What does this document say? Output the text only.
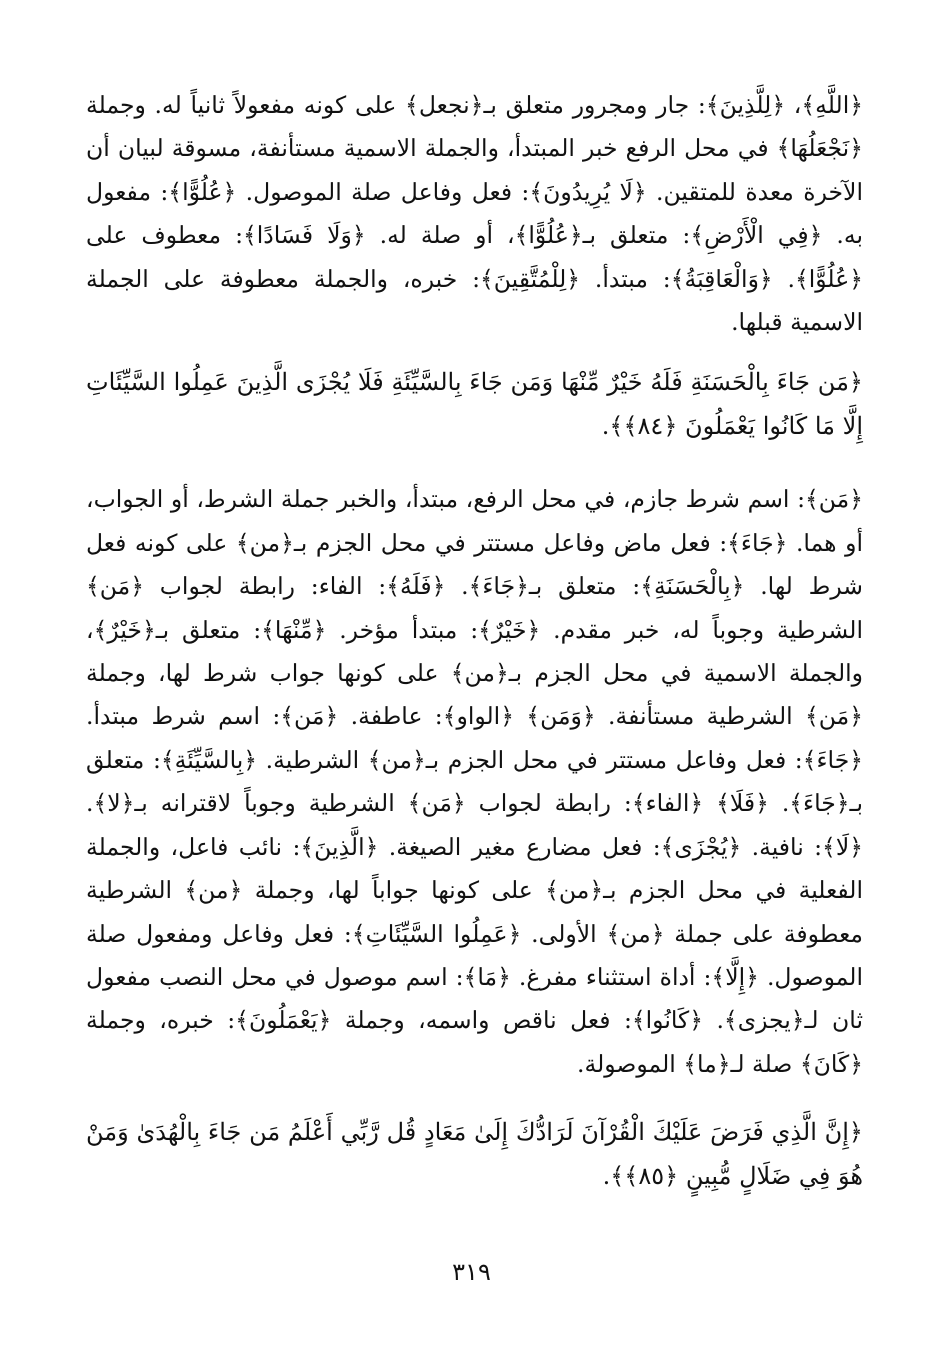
﴿اللَّهِ﴾، ﴿لِلَّذِينَ﴾: جار ومجرور متعلق بـ﴿نجعل﴾ على كونه مفعولاً ثانياً له. وجملة ﴿نَجْعَلُهَا﴾ في محل الرفع خبر المبتدأ، والجملة الاسمية مستأنفة، مسوقة لبيان أن الآخرة معدة للمتقين. ﴿لَا يُرِيدُونَ﴾: فعل وفاعل صلة الموصول. ﴿عُلُوًّا﴾: مفعول به. ﴿فِي الْأَرْضِ﴾: متعلق بـ﴿عُلُوًّا﴾، أو صلة له. ﴿وَلَا فَسَادًا﴾: معطوف على ﴿عُلُوًّا﴾. ﴿وَالْعَاقِبَةُ﴾: مبتدأ. ﴿لِلْمُتَّقِينَ﴾: خبره، والجملة معطوفة على الجملة الاسمية قبلها.

﴿مَن جَاءَ بِالْحَسَنَةِ فَلَهُ خَيْرٌ مِّنْهَا وَمَن جَاءَ بِالسَّيِّئَةِ فَلَا يُجْزَى الَّذِينَ عَمِلُوا السَّيِّئَاتِ إِلَّا مَا كَانُوا يَعْمَلُونَ ﴿٨٤﴾﴾.

﴿مَن﴾: اسم شرط جازم، في محل الرفع، مبتدأ، والخبر جملة الشرط، أو الجواب، أو هما. ﴿جَاءَ﴾: فعل ماض وفاعل مستتر في محل الجزم بـ﴿من﴾ على كونه فعل شرط لها. ﴿بِالْحَسَنَةِ﴾: متعلق بـ﴿جَاءَ﴾. ﴿فَلَهُ﴾: الفاء: رابطة لجواب ﴿مَن﴾ الشرطية وجوباً له، خبر مقدم. ﴿خَيْرٌ﴾: مبتدأ مؤخر. ﴿مِّنْهَا﴾: متعلق بـ﴿خَيْرٌ﴾، والجملة الاسمية في محل الجزم بـ﴿من﴾ على كونها جواب شرط لها، وجملة ﴿مَن﴾ الشرطية مستأنفة. ﴿وَمَن﴾ ﴿الواو﴾: عاطفة. ﴿مَن﴾: اسم شرط مبتدأ. ﴿جَاءَ﴾: فعل وفاعل مستتر في محل الجزم بـ﴿من﴾ الشرطية. ﴿بِالسَّيِّئَةِ﴾: متعلق بـ﴿جَاءَ﴾. ﴿فَلَا﴾ ﴿الفاء﴾: رابطة لجواب ﴿مَن﴾ الشرطية وجوباً لاقترانه بـ﴿لا﴾. ﴿لَا﴾: نافية. ﴿يُجْزَى﴾: فعل مضارع مغير الصيغة. ﴿الَّذِينَ﴾: نائب فاعل، والجملة الفعلية في محل الجزم بـ﴿من﴾ على كونها جواباً لها، وجملة ﴿من﴾ الشرطية معطوفة على جملة ﴿من﴾ الأولى. ﴿عَمِلُوا السَّيِّئَاتِ﴾: فعل وفاعل ومفعول صلة الموصول. ﴿إِلَّا﴾: أداة استثناء مفرغ. ﴿مَا﴾: اسم موصول في محل النصب مفعول ثان لـ﴿يجزى﴾. ﴿كَانُوا﴾: فعل ناقص واسمه، وجملة ﴿يَعْمَلُونَ﴾: خبره، وجملة ﴿كَانَ﴾ صلة لـ﴿ما﴾ الموصولة.

﴿إِنَّ الَّذِي فَرَضَ عَلَيْكَ الْقُرْآنَ لَرَادُّكَ إِلَىٰ مَعَادٍ قُل رَّبِّي أَعْلَمُ مَن جَاءَ بِالْهُدَىٰ وَمَنْ هُوَ فِي ضَلَالٍ مُّبِينٍ ﴿٨٥﴾﴾.

٣١٩
